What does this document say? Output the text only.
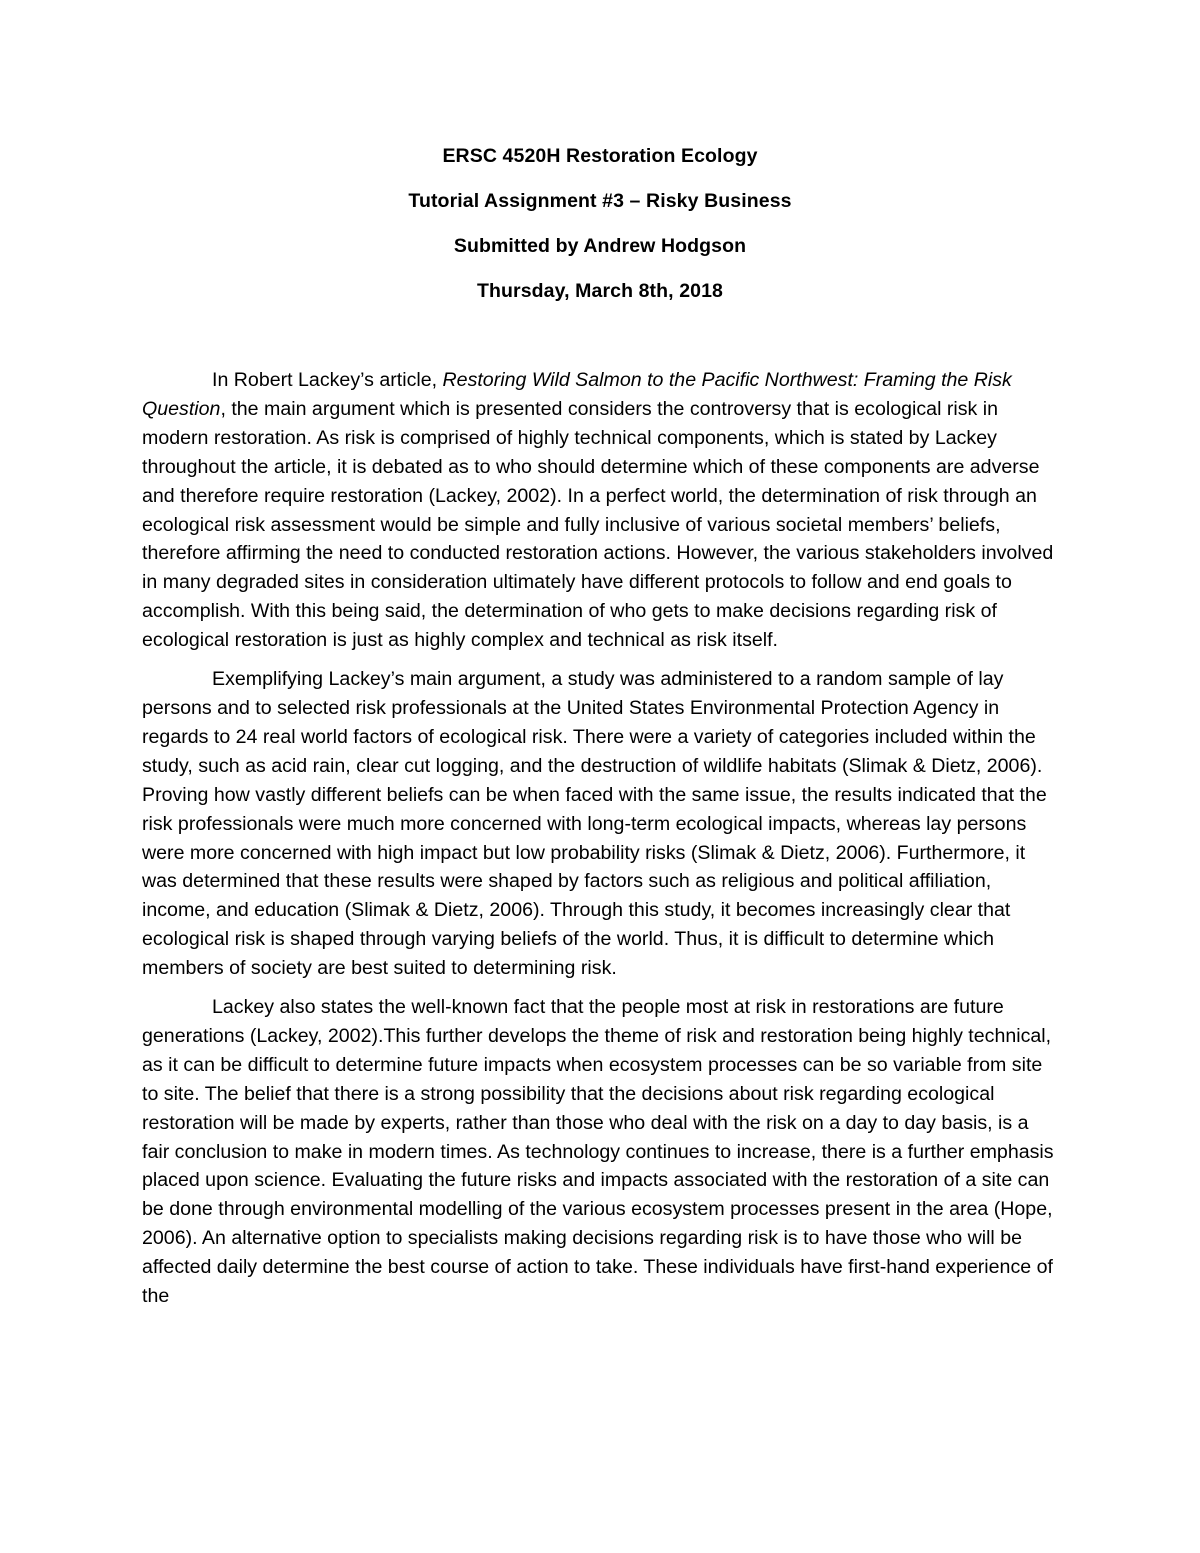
ERSC 4520H Restoration Ecology
Tutorial Assignment #3 – Risky Business
Submitted by Andrew Hodgson
Thursday, March 8th, 2018

In Robert Lackey’s article, Restoring Wild Salmon to the Pacific Northwest: Framing the Risk Question, the main argument which is presented considers the controversy that is ecological risk in modern restoration. As risk is comprised of highly technical components, which is stated by Lackey throughout the article, it is debated as to who should determine which of these components are adverse and therefore require restoration (Lackey, 2002). In a perfect world, the determination of risk through an ecological risk assessment would be simple and fully inclusive of various societal members’ beliefs, therefore affirming the need to conducted restoration actions. However, the various stakeholders involved in many degraded sites in consideration ultimately have different protocols to follow and end goals to accomplish. With this being said, the determination of who gets to make decisions regarding risk of ecological restoration is just as highly complex and technical as risk itself.

Exemplifying Lackey’s main argument, a study was administered to a random sample of lay persons and to selected risk professionals at the United States Environmental Protection Agency in regards to 24 real world factors of ecological risk. There were a variety of categories included within the study, such as acid rain, clear cut logging, and the destruction of wildlife habitats (Slimak & Dietz, 2006). Proving how vastly different beliefs can be when faced with the same issue, the results indicated that the risk professionals were much more concerned with long-term ecological impacts, whereas lay persons were more concerned with high impact but low probability risks (Slimak & Dietz, 2006). Furthermore, it was determined that these results were shaped by factors such as religious and political affiliation, income, and education (Slimak & Dietz, 2006). Through this study, it becomes increasingly clear that ecological risk is shaped through varying beliefs of the world. Thus, it is difficult to determine which members of society are best suited to determining risk.

Lackey also states the well-known fact that the people most at risk in restorations are future generations (Lackey, 2002).This further develops the theme of risk and restoration being highly technical, as it can be difficult to determine future impacts when ecosystem processes can be so variable from site to site. The belief that there is a strong possibility that the decisions about risk regarding ecological restoration will be made by experts, rather than those who deal with the risk on a day to day basis, is a fair conclusion to make in modern times. As technology continues to increase, there is a further emphasis placed upon science. Evaluating the future risks and impacts associated with the restoration of a site can be done through environmental modelling of the various ecosystem processes present in the area (Hope, 2006). An alternative option to specialists making decisions regarding risk is to have those who will be affected daily determine the best course of action to take. These individuals have first-hand experience of the
